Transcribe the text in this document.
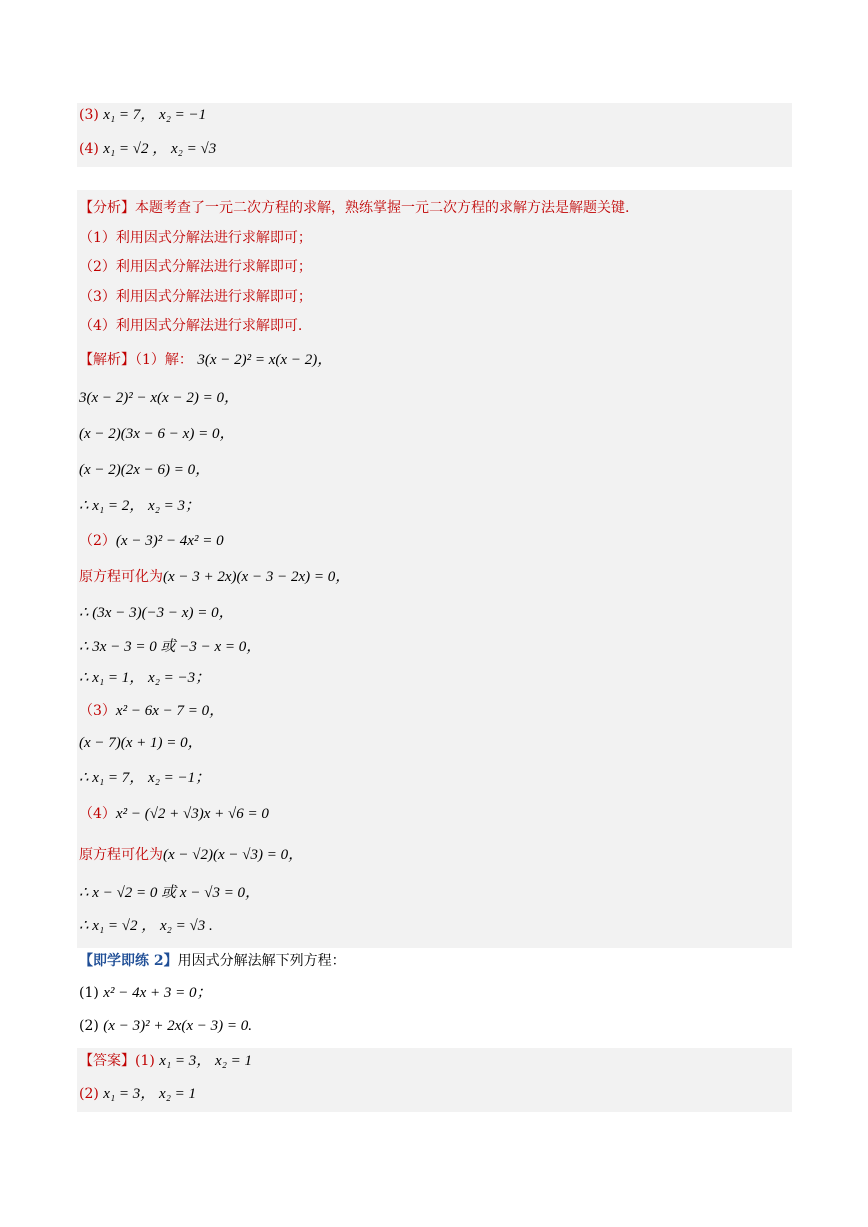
(3) x₁ = 7， x₂ = −1
(4) x₁ = √2 ， x₂ = √3
【分析】本题考查了一元二次方程的求解，熟练掌握一元二次方程的求解方法是解题关键.
（1）利用因式分解法进行求解即可；
（2）利用因式分解法进行求解即可；
（3）利用因式分解法进行求解即可；
（4）利用因式分解法进行求解即可.
【解析】（1）解： 3(x − 2)² = x(x − 2)，
3(x − 2)² − x(x − 2) = 0，
(x − 2)(3x − 6 − x) = 0，
(x − 2)(2x − 6) = 0，
∴ x₁ = 2， x₂ = 3；
（2）(x − 3)² − 4x² = 0
原方程可化为(x − 3 + 2x)(x − 3 − 2x) = 0，
∴ (3x − 3)(−3 − x) = 0，
∴ 3x − 3 = 0 或 −3 − x = 0，
∴ x₁ = 1， x₂ = −3；
（3）x² − 6x − 7 = 0，
(x − 7)(x + 1) = 0，
∴ x₁ = 7， x₂ = −1；
（4）x² − (√2 + √3)x + √6 = 0
原方程可化为(x − √2)(x − √3) = 0，
∴ x − √2 = 0 或 x − √3 = 0，
∴ x₁ = √2 ， x₂ = √3 .
【即学即练 2】用因式分解法解下列方程：
(1) x² − 4x + 3 = 0；
(2) (x − 3)² + 2x(x − 3) = 0.
【答案】(1) x₁ = 3， x₂ = 1
(2) x₁ = 3， x₂ = 1
